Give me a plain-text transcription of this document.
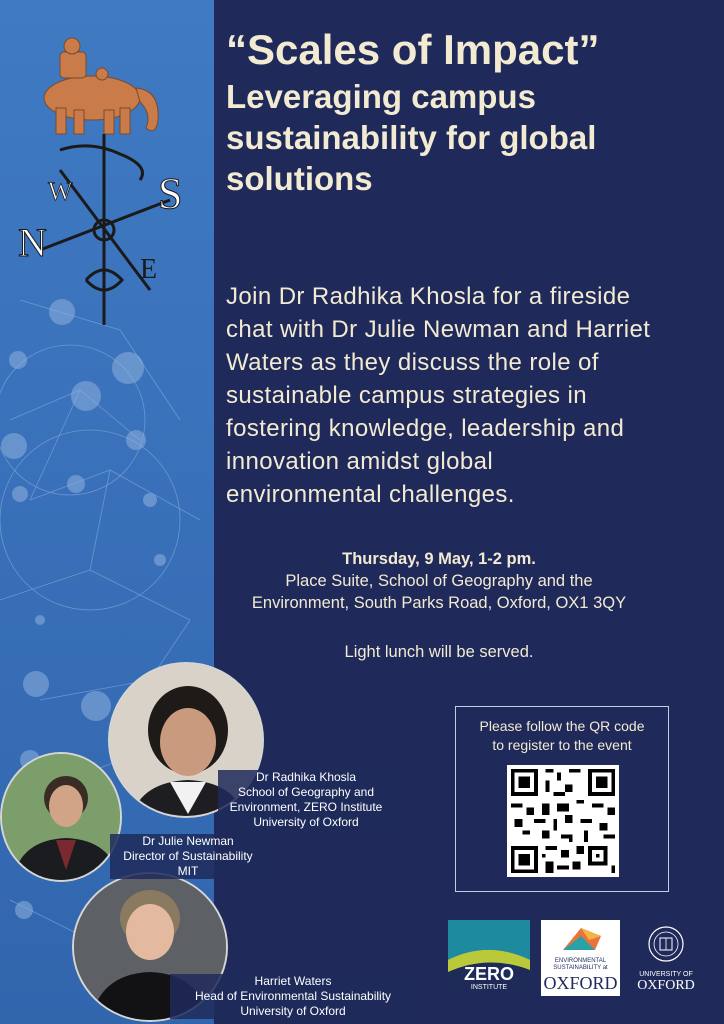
N
W S
E
“Scales of Impact”
Leveraging campus
sustainability for global
solutions
Join Dr Radhika Khosla for a fireside
chat with Dr Julie Newman and Harriet
Waters as they discuss the role of
sustainable campus strategies in
fostering knowledge, leadership and
innovation amidst global
environmental challenges.
Thursday, 9 May, 1-2 pm.
Place Suite, School of Geography and the
Environment, South Parks Road, Oxford, OX1 3QY
Light lunch will be served.
Please follow the QR code
to register to the event
Dr Radhika Khosla
School of Geography and
Environment, ZERO Institute
University of Oxford
Dr Julie Newman
Director of Sustainability
MIT
Harriet Waters
Head of Environmental Sustainability
University of Oxford
ZERO
INSTITUTE
ENVIRONMENTAL
SUSTAINABILITY at
OXFORD	UNIVERSITY OF
OXFORD
